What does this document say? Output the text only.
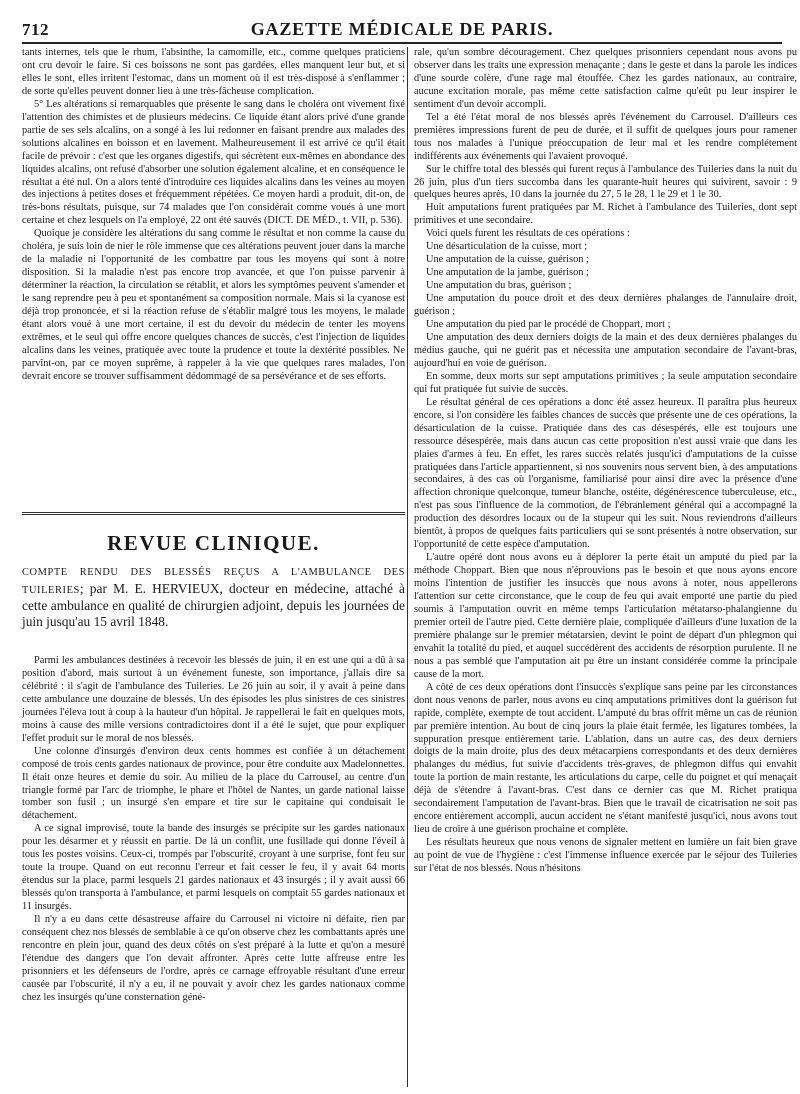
712	GAZETTE MÉDICALE DE PARIS.

tants internes, tels que le rhum, l'absinthe, la camomille, etc., comme quelques praticiens ont cru devoir le faire. Si ces boissons ne sont pas gardées, elles manquent leur but, et si elles le sont, elles irritent l'estomac, dans un moment où il est très-disposé à s'enflammer ; de sorte qu'elles peuvent donner lieu à une très-fâcheuse complication.

5° Les altérations si remarquables que présente le sang dans le choléra ont vivement fixé l'attention des chimistes et de plusieurs médecins. Ce liquide étant alors privé d'une grande partie de ses sels alcalins, on a songé à les lui redonner en faisant prendre aux malades des solutions alcalines en boisson et en lavement. Malheureusement il est arrivé ce qu'il était facile de prévoir : c'est que les organes digestifs, qui sécrètent eux-mêmes en abondance des liquides alcalins, ont refusé d'absorber une solution également alcaline, et en conséquence le résultat a été nul. On a alors tenté d'introduire ces liquides alcalins dans les veines au moyen des injections à petites doses et fréquemment répétées. Ce moyen hardi a produit, dit-on, de très-bons résultats, puisque, sur 74 malades que l'on considérait comme voués à une mort certaine et chez lesquels on l'a employé, 22 ont été sauvés (DICT. DE MÉD., t. VII, p. 536).

Quoique je considère les altérations du sang comme le résultat et non comme la cause du choléra, je suis loin de nier le rôle immense que ces altérations peuvent jouer dans la marche de la maladie ni l'opportunité de les combattre par tous les moyens qui sont à notre disposition. Si la maladie n'est pas encore trop avancée, et que l'on puisse parvenir à déterminer la réaction, la circulation se rétablit, et alors les symptômes peuvent s'amender et le sang reprendre peu à peu et spontanément sa composition normale. Mais si la cyanose est déjà trop prononcée, et si la réaction refuse de s'établir malgré tous les moyens, le malade étant alors voué à une mort certaine, il est du devoir du médecin de tenter les moyens extrêmes, et le seul qui offre encore quelques chances de succès, c'est l'injection de liquides alcalins dans les veines, pratiquée avec toute la prudence et toute la dextérité possibles. Ne parvînt-on, par ce moyen suprême, à rappeler à la vie que quelques rares malades, l'on devrait encore se trouver suffisamment dédommagé de sa persévérance et de ses efforts.

REVUE CLINIQUE.
COMPTE RENDU DES BLESSÉS REÇUS A L'AMBULANCE DES TUILERIES; par M. E. HERVIEUX, docteur en médecine, attaché à cette ambulance en qualité de chirurgien adjoint, depuis les journées de juin jusqu'au 15 avril 1848.

Parmi les ambulances destinées à recevoir les blessés de juin, il en est une qui a dû à sa position d'abord, mais surtout à un événement funeste, son importance, j'allais dire sa célébrité : il s'agit de l'ambulance des Tuileries. Le 26 juin au soir, il y avait à peine dans cette ambulance une douzaine de blessés. Un des épisodes les plus sinistres de ces sinistres journées l'éleva tout à coup à la hauteur d'un hôpital. Je rappellerai le fait en quelques mots, moins à cause des mille versions contradictoires dont il a été le sujet, que pour expliquer l'effet produit sur le moral de nos blessés.

Une colonne d'insurgés d'environ deux cents hommes est confiée à un détachement composé de trois cents gardes nationaux de province, pour être conduite aux Madelonnettes. Il était onze heures et demie du soir. Au milieu de la place du Carrousel, au centre d'un triangle formé par l'arc de triomphe, le phare et l'hôtel de Nantes, un garde national laisse tomber son fusil ; un insurgé s'en empare et tire sur le capitaine qui conduisait le détachement.

A ce signal improvisé, toute la bande des insurgés se précipite sur les gardes nationaux pour les désarmer et y réussit en partie. De là un conflit, une fusillade qui donne l'éveil à tous les postes voisins. Ceux-ci, trompés par l'obscurité, croyant à une surprise, font feu sur toute la troupe. Quand on eut reconnu l'erreur et fait cesser le feu, il y avait 64 morts étendus sur la place, parmi lesquels 21 gardes nationaux et 43 insurgés ; il y avait aussi 66 blessés qu'on transporta à l'ambulance, et parmi lesquels on comptait 55 gardes nationaux et 11 insurgés.

Il n'y a eu dans cette désastreuse affaire du Carrousel ni victoire ni défaite, rien par conséquent chez nos blessés de semblable à ce qu'on observe chez les combattants après une rencontre en plein jour, quand des deux côtés on s'est préparé à la lutte et qu'on a mesuré l'étendue des dangers que l'on devait affronter. Après cette lutte affreuse entre les prisonniers et les défenseurs de l'ordre, après ce carnage effroyable résultant d'une erreur causée par l'obscurité, il n'y a eu, il ne pouvait y avoir chez les gardes nationaux comme chez les insurgés qu'une consternation géné-

rale, qu'un sombre découragement. Chez quelques prisonniers cependant nous avons pu observer dans les traits une expression menaçante ; dans le geste et dans la parole les indices d'une sourde colère, d'une rage mal étouffée. Chez les gardes nationaux, au contraire, aucune excitation morale, pas même cette satisfaction calme qu'eût pu leur inspirer le sentiment d'un devoir accompli.

Tel a été l'état moral de nos blessés après l'événement du Carrousel. D'ailleurs ces premières impressions furent de peu de durée, et il suffit de quelques jours pour ramener tous nos malades à l'unique préoccupation de leur mal et les rendre complétement indifférents aux événements qui l'avaient provoqué.

Sur le chiffre total des blessés qui furent reçus à l'ambulance des Tuileries dans la nuit du 26 juin, plus d'un tiers succomba dans les quarante-huit heures qui suivirent, savoir : 9 quelques heures après, 10 dans la journée du 27, 5 le 28, 1 le 29 et 1 le 30.

Huit amputations furent pratiquées par M. Richet à l'ambulance des Tuileries, dont sept primitives et une secondaire.

Voici quels furent les résultats de ces opérations :

Une désarticulation de la cuisse, mort ;

Une amputation de la cuisse, guérison ;

Une amputation de la jambe, guérison ;

Une amputation du bras, guérison ;

Une amputation du pouce droit et des deux dernières phalanges de l'annulaire droit, guérison ;

Une amputation du pied par le procédé de Choppart, mort ;

Une amputation des deux derniers doigts de la main et des deux dernières phalanges du médius gauche, qui ne guérit pas et nécessita une amputation secondaire de l'avant-bras, aujourd'hui en voie de guérison.

En somme, deux morts sur sept amputations primitives ; la seule amputation secondaire qui fut pratiquée fut suivie de succès.

Le résultat général de ces opérations a donc été assez heureux. Il paraîtra plus heureux encore, si l'on considère les faibles chances de succès que présente une de ces opérations, la désarticulation de la cuisse. Pratiquée dans des cas désespérés, elle est toujours une ressource désespérée, mais dans aucun cas cette proposition n'est aussi vraie que dans les plaies d'armes à feu. En effet, les rares succès relatés jusqu'ici d'amputations de la cuisse pratiquées dans l'article appartiennent, si nos souvenirs nous servent bien, à des amputations secondaires, à des cas où l'organisme, familiarisé pour ainsi dire avec la présence d'une affection chronique quelconque, tumeur blanche, ostéite, dégénérescence tuberculeuse, etc., n'est pas sous l'influence de la commotion, de l'ébranlement général qui a accompagné la production des désordres locaux ou de la stupeur qui les suit. Nous reviendrons d'ailleurs bientôt, à propos de quelques faits particuliers qui se sont présentés à notre observation, sur l'opportunité de cette espèce d'amputation.

L'autre opéré dont nous avons eu à déplorer la perte était un amputé du pied par la méthode Choppart. Bien que nous n'éprouvions pas le besoin et que nous ayons encore moins l'intention de justifier les insuccès que nous avons à noter, nous appellerons l'attention sur cette circonstance, que le coup de feu qui avait emporté une partie du pied soumis à l'amputation ouvrit en même temps l'articulation métatarso-phalangienne du premier orteil de l'autre pied. Cette dernière plaie, compliquée d'ailleurs d'une luxation de la première phalange sur le premier métatarsien, devint le point de départ d'un phlegmon qui envahit la totalité du pied, et auquel succédèrent des accidents de résorption purulente. Il ne nous a pas semblé que l'amputation ait pu être un instant considérée comme la principale cause de la mort.

A côté de ces deux opérations dont l'insuccès s'explique sans peine par les circonstances dont nous venons de parler, nous avons eu cinq amputations primitives dont la guérison fut rapide, complète, exempte de tout accident. L'amputé du bras offrit même un cas de réunion par première intention. Au bout de cinq jours la plaie était fermée, les ligatures tombées, la suppuration presque entièrement tarie. L'ablation, dans un autre cas, des deux derniers doigts de la main droite, plus des deux métacarpiens correspondants et des deux dernières phalanges du médius, fut suivie d'accidents très-graves, de phlegmon diffus qui envahit toute la portion de main restante, les articulations du carpe, celle du poignet et qui menaçait déjà de s'étendre à l'avant-bras. C'est dans ce dernier cas que M. Richet pratiqua secondairement l'amputation de l'avant-bras. Bien que le travail de cicatrisation ne soit pas encore entièrement accompli, aucun accident ne s'étant manifesté jusqu'ici, nous avons tout lieu de croire à une guérison prochaine et complète.

Les résultats heureux que nous venons de signaler mettent en lumière un fait bien grave au point de vue de l'hygiène : c'est l'immense influence exercée par le séjour des Tuileries sur l'état de nos blessés. Nous n'hésitons
